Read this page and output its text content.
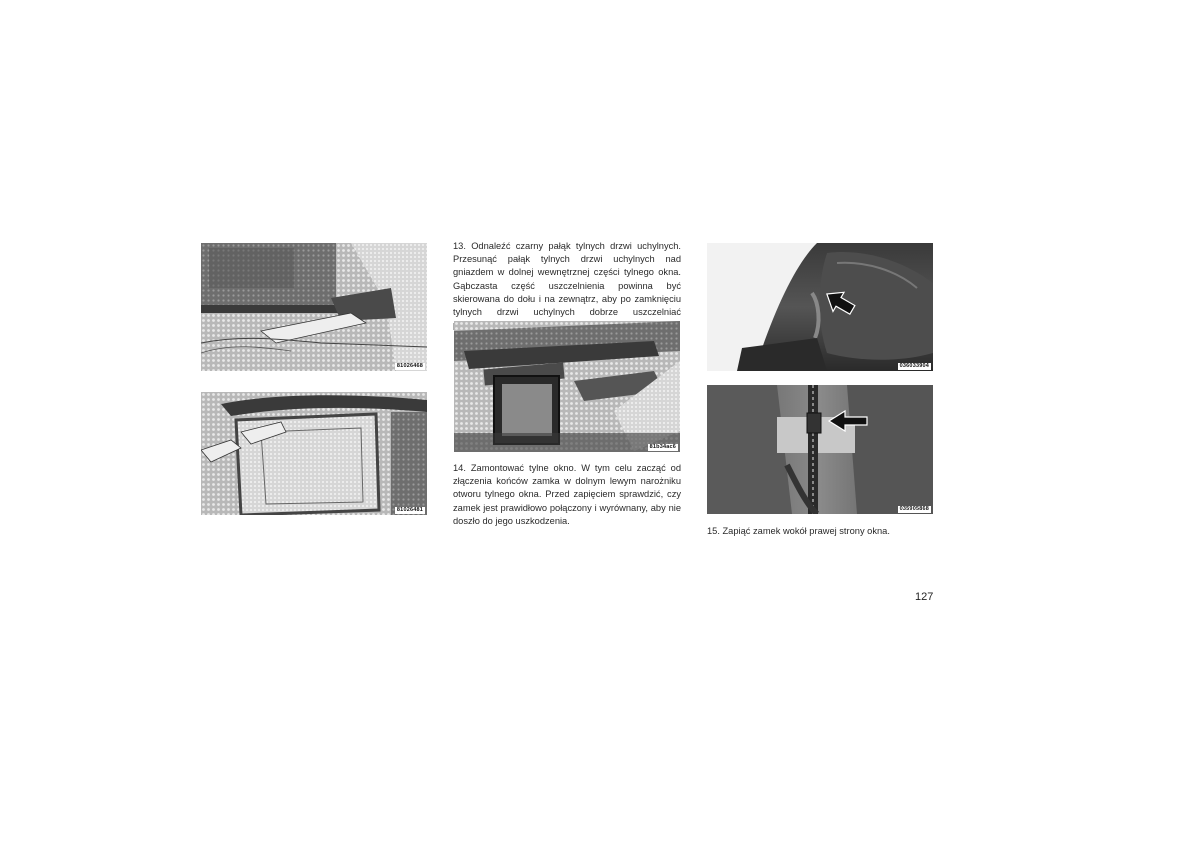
81026468
81026481

13. Odnaleźć czarny pałąk tylnych drzwi uchylnych. Przesunąć pałąk tylnych drzwi uchylnych nad gniazdem w dolnej wewnętrznej części tylnego okna. Gąbczasta część uszczelnienia powinna być skierowana do dołu i na zewnątrz, aby po zamknięciu tylnych drzwi uchylnych dobrze uszczelniać

81b34ac6

14. Zamontować tylne okno. W tym celu zacząć od złączenia końców zamka w dolnym lewym narożniku otworu tylnego okna. Przed zapięciem sprawdzić, czy zamek jest prawidłowo połączony i wyrównany, aby nie doszło do jego uszkodzenia.

036033904
035905868

15. Zapiąć zamek wokół prawej strony okna.

127
